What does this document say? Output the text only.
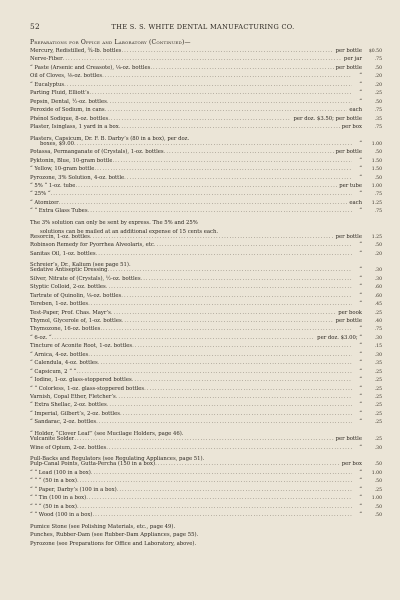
52	THE S. S. WHITE DENTAL MANUFACTURING CO.
Preparations for Office and Laboratory (Continued)—
Mercury, Redistilled, ¾-lb. bottles .....	per bottle	$0.50
Nerve-Fiber .....	per jar	.75
“ Paste (Arsenic and Creasote), ⅛-oz. bottles .....	per bottle	.50
Oil of Cloves, ⅛-oz. bottles .....	“	.20
“ Eucalyptus .....	“	.20
Parting Fluid, Elliott’s .....	“	.25
Pepsin, Dental, ½-oz. bottles .....	“	.50
Peroxide of Sodium, in cans .....	each	.75
Phénol Sodique, 8-oz. bottles .....	per doz. $3.50; per bottle	.35
Plaster, Isinglass, 1 yard in a box .....	per box	.75
Plasters, Capsicum, Dr. F. B. Darby’s (80 in a box), per doz.
boxes, $9.00 .....	“	1.00
Potassa, Permanganate of (Crystals), 1-oz. bottles .....	per bottle	.50
Pyktonin, Blue, 10-gram bottle .....	“	1.50
“ Yellow, 10-gram bottle .....	“	1.50
Pyrozone, 3% Solution, 4-oz. bottle .....	“	.50
“ 5% “ 1-oz. tube .....	per tube	1.00
“ 25% “ .....	“	.75
“ Atomizer .....	each	1.25
“ “ Extra Glass Tubes .....	“	.75
The 3% solution can only be sent by express. The 5% and 25%
solutions can be mailed at an additional expense of 15 cents each.
Resorcin, 1-oz. bottles .....	per bottle	1.25
Robinson Remedy for Pyorrhea Alveolaris, etc .....	“	.50
Sanitas Oil, 1-oz. bottles .....	“	.20
Schreier’s, Dr., Kalium (see page 51).
Sedative Antiseptic Dressing .....	“	.30
Silver, Nitrate of (Crystals), ½-oz. bottles .....	“	.30
Styptic Colloid, 2-oz. bottles .....	“	.60
Tartrate of Quinolin, ⅛-oz. bottles .....	“	.60
Tereben, 1-oz. bottles .....	“	.45
Test-Paper, Prof. Chas. Mayr’s .....	per book	.25
Thymol, Glycerole of, 1-oz. bottles .....	per bottle	.40
Thymozone, 16-oz. bottles .....	“	.75
“ 6-oz. “ .....	per doz. $3.00; “	.30
Tincture of Aconite Root, 1-oz. bottles .....	“	.15
“ Arnica, 4-oz. bottles .....	“	.30
“ Calendula, 4-oz. bottles .....	“	.35
“ Capsicum, 2 “ “ .....	“	.25
“ Iodine, 1-oz. glass-stoppered bottles .....	“	.25
“ “ Colorless, 1-oz. glass-stoppered bottles .....	“	.25
Varnish, Copal Ether, Fletcher’s .....	“	.25
“ Extra Shellac, 2-oz. bottles .....	“	.25
“ Imperial, Gilbert’s, 2-oz. bottles .....	“	.25
“ Sandarac, 2-oz. bottles .....	“	.25
“ Holder, “Clover Leaf” (see Mucilage Holders, page 46).
Vulcanite Solder .....	per bottle	.25
Wine of Opium, 2-oz. bottles .....	“	.30
Pull-Backs and Regulators (see Regulating Appliances, page 51).
Pulp-Canal Points, Gutta-Percha (150 in a box) .....	per box	.50
“ “ Lead (100 in a box) .....	“	1.00
“ “ “ (50 in a box) .....	“	.50
“ “ Paper, Darby’s (100 in a box) .....	“	.25
“ “ Tin (100 in a box) .....	“	1.00
“ “ “ (50 in a box) .....	“	.50
“ “ Wood (100 in a box) .....	“	.50
Pumice Stone (see Polishing Materials, etc., page 49).
Punches, Rubber-Dam (see Rubber-Dam Appliances, page 55).
Pyrozone (see Preparations for Office and Laboratory, above).
